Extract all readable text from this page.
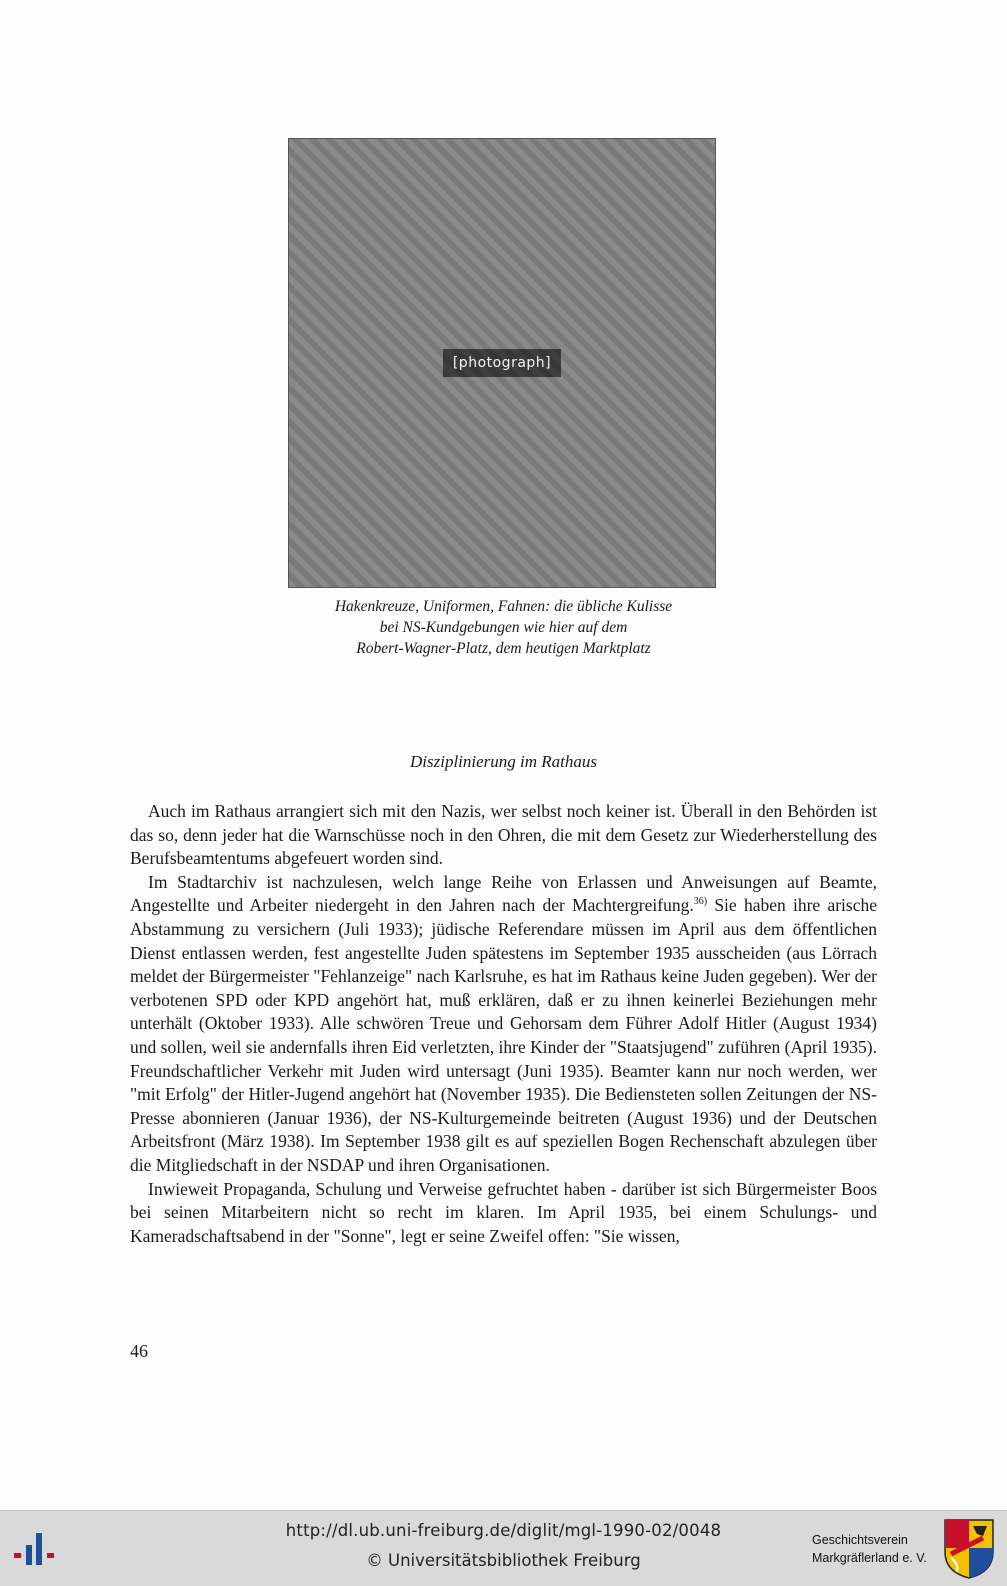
[photograph]
Hakenkreuze, Uniformen, Fahnen: die übliche Kulisse
bei NS-Kundgebungen wie hier auf dem
Robert-Wagner-Platz, dem heutigen Marktplatz
Disziplinierung im Rathaus

Auch im Rathaus arrangiert sich mit den Nazis, wer selbst noch keiner ist. Überall in den Behörden ist das so, denn jeder hat die Warnschüsse noch in den Ohren, die mit dem Gesetz zur Wiederherstellung des Berufsbeamtentums abgefeuert worden sind.

Im Stadtarchiv ist nachzulesen, welch lange Reihe von Erlassen und Anweisungen auf Beamte, Angestellte und Arbeiter niedergeht in den Jahren nach der Machtergreifung.$^{36)}$ Sie haben ihre arische Abstammung zu versichern (Juli 1933); jüdische Referendare müssen im April aus dem öffentlichen Dienst entlassen werden, fest angestellte Juden spätestens im September 1935 ausscheiden (aus Lörrach meldet der Bürgermeister "Fehlanzeige" nach Karlsruhe, es hat im Rathaus keine Juden gegeben). Wer der verbotenen SPD oder KPD angehört hat, muß erklären, daß er zu ihnen keinerlei Beziehungen mehr unterhält (Oktober 1933). Alle schwören Treue und Gehorsam dem Führer Adolf Hitler (August 1934) und sollen, weil sie andernfalls ihren Eid verletzten, ihre Kinder der "Staatsjugend" zuführen (April 1935). Freundschaftlicher Verkehr mit Juden wird untersagt (Juni 1935). Beamter kann nur noch werden, wer "mit Erfolg" der Hitler-Jugend angehört hat (November 1935). Die Bediensteten sollen Zeitungen der NS-Presse abonnieren (Januar 1936), der NS-Kulturgemeinde beitreten (August 1936) und der Deutschen Arbeitsfront (März 1938). Im September 1938 gilt es auf speziellen Bogen Rechenschaft abzulegen über die Mitgliedschaft in der NSDAP und ihren Organisationen.

Inwieweit Propaganda, Schulung und Verweise gefruchtet haben - darüber ist sich Bürgermeister Boos bei seinen Mitarbeitern nicht so recht im klaren. Im April 1935, bei einem Schulungs- und Kameradschaftsabend in der "Sonne", legt er seine Zweifel offen: "Sie wissen,

46
http://dl.ub.uni-freiburg.de/diglit/mgl-1990-02/0048
© Universitätsbibliothek Freiburg
Geschichtsverein
Markgräflerland e. V.
